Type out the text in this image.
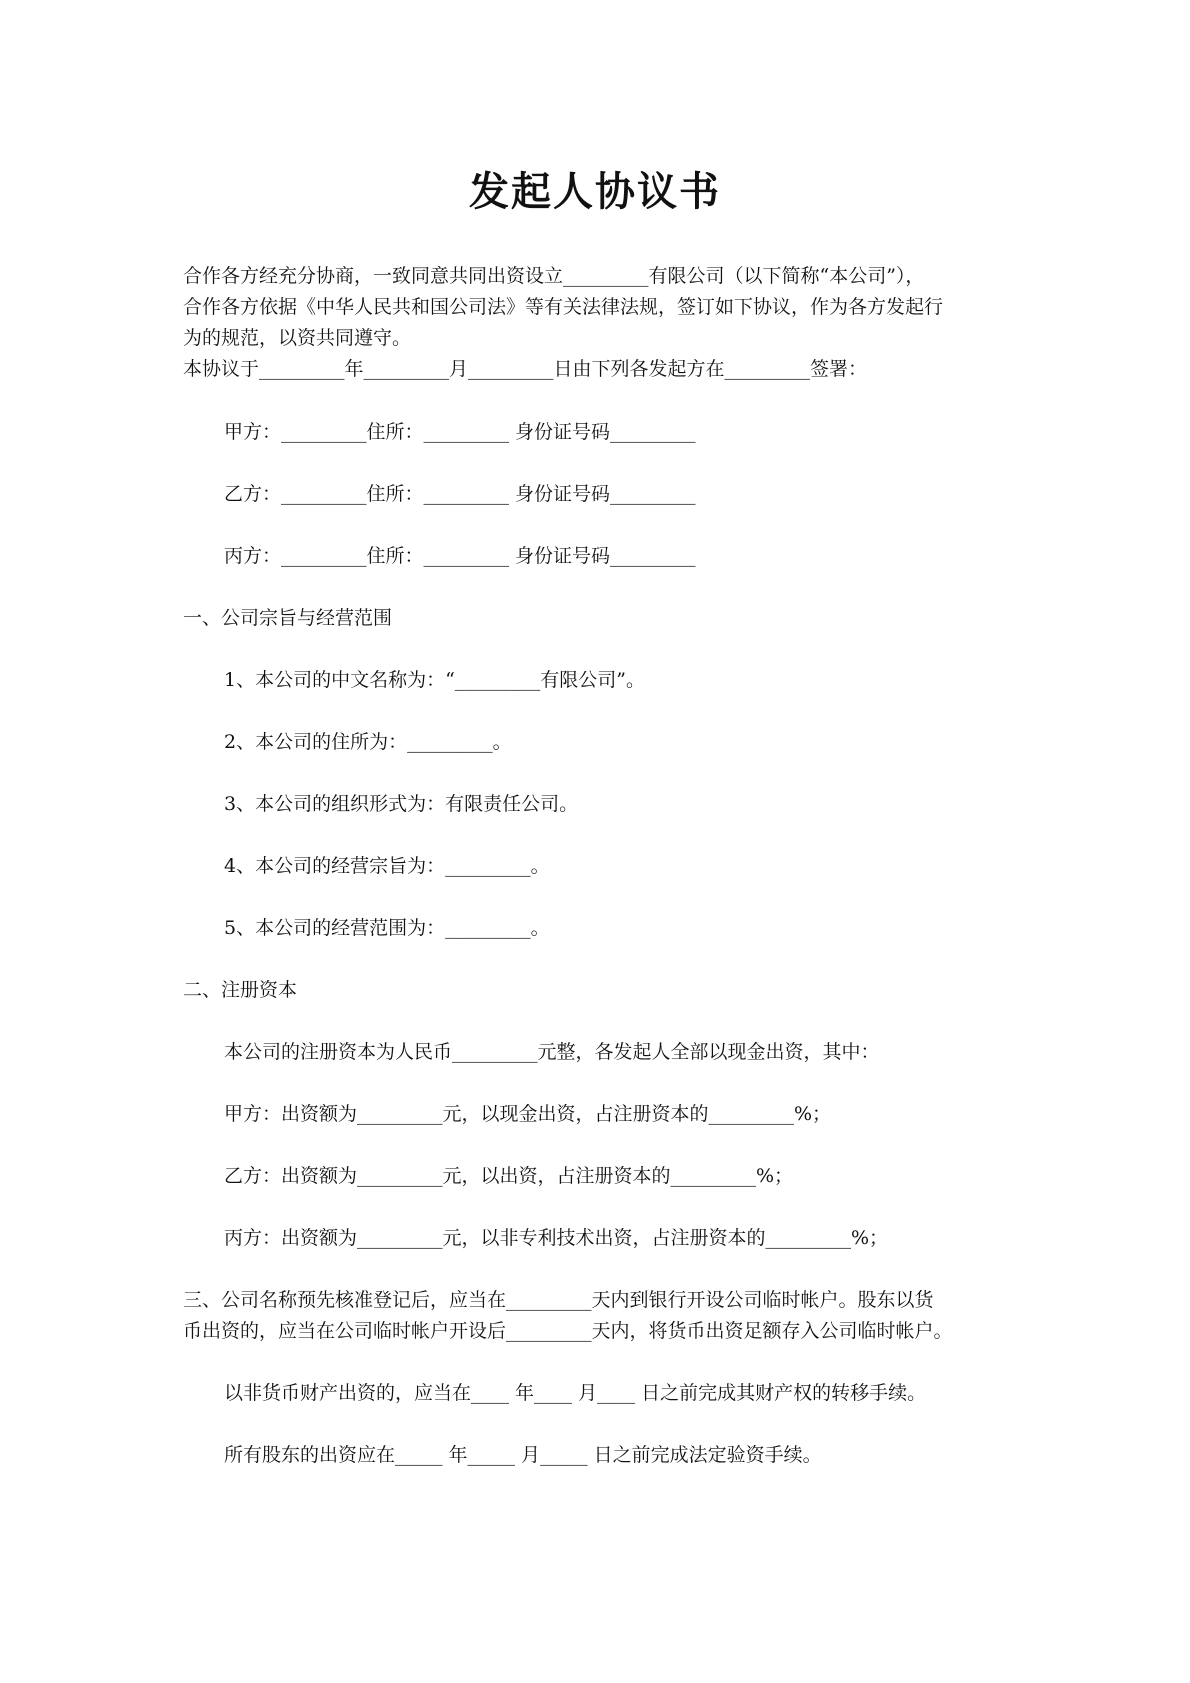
发起人协议书
合作各方经充分协商，一致同意共同出资设立_________有限公司（以下简称“本公司”），
合作各方依据《中华人民共和国公司法》等有关法律法规，签订如下协议，作为各方发起行
为的规范，以资共同遵守。
本协议于_________年_________月_________日由下列各发起方在_________签署：
甲方：_________住所：_________ 身份证号码_________
乙方：_________住所：_________ 身份证号码_________
丙方：_________住所：_________ 身份证号码_________
一、公司宗旨与经营范围
1、本公司的中文名称为：“_________有限公司”。
2、本公司的住所为：_________。
3、本公司的组织形式为：有限责任公司。
4、本公司的经营宗旨为：_________。
5、本公司的经营范围为：_________。
二、注册资本
本公司的注册资本为人民币_________元整，各发起人全部以现金出资，其中：
甲方：出资额为_________元，以现金出资，占注册资本的_________%；
乙方：出资额为_________元，以出资，占注册资本的_________%；
丙方：出资额为_________元，以非专利技术出资，占注册资本的_________%；
三、公司名称预先核准登记后，应当在_________天内到银行开设公司临时帐户。股东以货
币出资的，应当在公司临时帐户开设后_________天内，将货币出资足额存入公司临时帐户。
以非货币财产出资的，应当在____ 年____ 月____ 日之前完成其财产权的转移手续。
所有股东的出资应在_____ 年_____ 月_____ 日之前完成法定验资手续。
